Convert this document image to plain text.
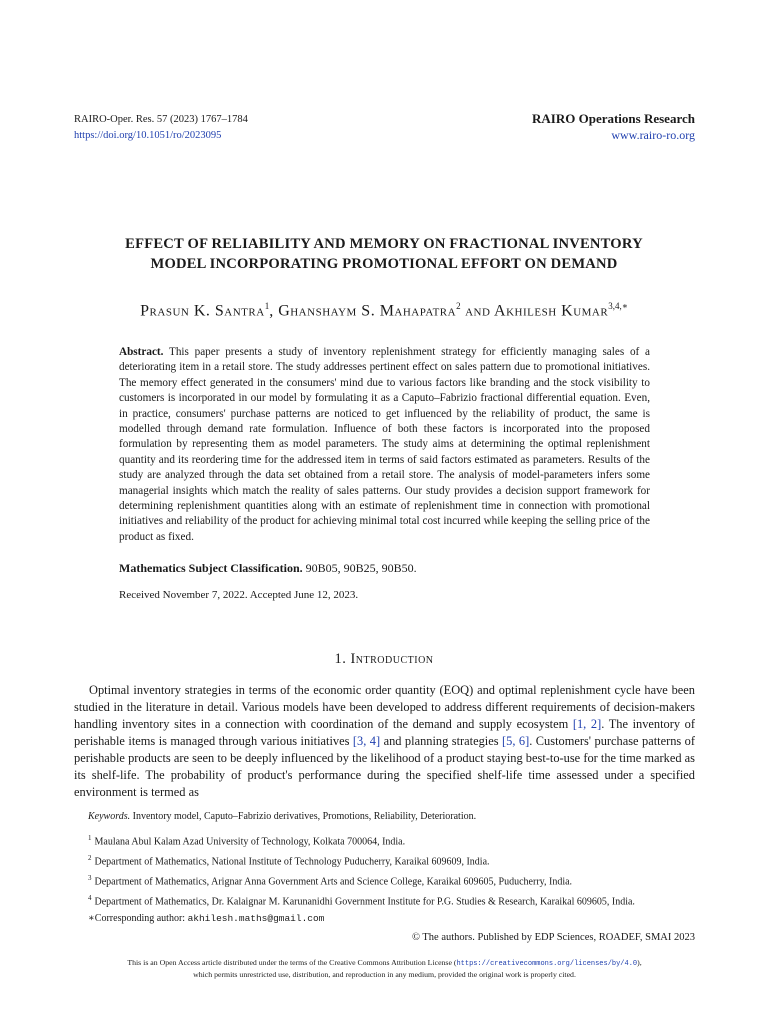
RAIRO-Oper. Res. 57 (2023) 1767–1784
https://doi.org/10.1051/ro/2023095
RAIRO Operations Research
www.rairo-ro.org
EFFECT OF RELIABILITY AND MEMORY ON FRACTIONAL INVENTORY
MODEL INCORPORATING PROMOTIONAL EFFORT ON DEMAND
Prasun K. Santra$^1$, Ghanshaym S. Mahapatra$^2$ and Akhilesh Kumar$^{3,4,∗}$
Abstract. This paper presents a study of inventory replenishment strategy for efficiently managing sales of a deteriorating item in a retail store. The study addresses pertinent effect on sales pattern due to promotional initiatives. The memory effect generated in the consumers' mind due to various factors like branding and the stock visibility to customers is incorporated in our model by formulating it as a Caputo–Fabrizio fractional differential equation. Even, in practice, consumers' purchase patterns are noticed to get influenced by the reliability of product, the same is modelled through demand rate formulation. Influence of both these factors is incorporated into the proposed formulation by representing them as model parameters. The study aims at determining the optimal replenishment quantity and its reordering time for the addressed item in terms of said factors estimated as parameters. Results of the study are analyzed through the data set obtained from a retail store. The analysis of model-parameters infers some managerial insights which match the reality of sales patterns. Our study provides a decision support framework for determining replenishment quantities along with an estimate of replenishment time in connection with promotional initiatives and reliability of the product for achieving minimal total cost incurred while keeping the selling price of the product as fixed.
Mathematics Subject Classification. 90B05, 90B25, 90B50.
Received November 7, 2022. Accepted June 12, 2023.
1. Introduction
Optimal inventory strategies in terms of the economic order quantity (EOQ) and optimal replenishment cycle have been studied in the literature in detail. Various models have been developed to address different requirements of decision-makers handling inventory sites in a connection with coordination of the demand and supply ecosystem [1, 2]. The inventory of perishable items is managed through various initiatives [3, 4] and planning strategies [5, 6]. Customers' purchase patterns of perishable products are seen to be deeply influenced by the likelihood of a product staying best-to-use for the time marked as its shelf-life. The probability of product's performance during the specified shelf-life time assessed under a specified environment is termed as
Keywords. Inventory model, Caputo–Fabrizio derivatives, Promotions, Reliability, Deterioration.
$^1$ Maulana Abul Kalam Azad University of Technology, Kolkata 700064, India.
$^2$ Department of Mathematics, National Institute of Technology Puducherry, Karaikal 609609, India.
$^3$ Department of Mathematics, Arignar Anna Government Arts and Science College, Karaikal 609605, Puducherry, India.
$^4$ Department of Mathematics, Dr. Kalaignar M. Karunanidhi Government Institute for P.G. Studies & Research, Karaikal 609605, India.
∗Corresponding author: akhilesh.maths@gmail.com
© The authors. Published by EDP Sciences, ROADEF, SMAI 2023
This is an Open Access article distributed under the terms of the Creative Commons Attribution License (https://creativecommons.org/licenses/by/4.0),
which permits unrestricted use, distribution, and reproduction in any medium, provided the original work is properly cited.
